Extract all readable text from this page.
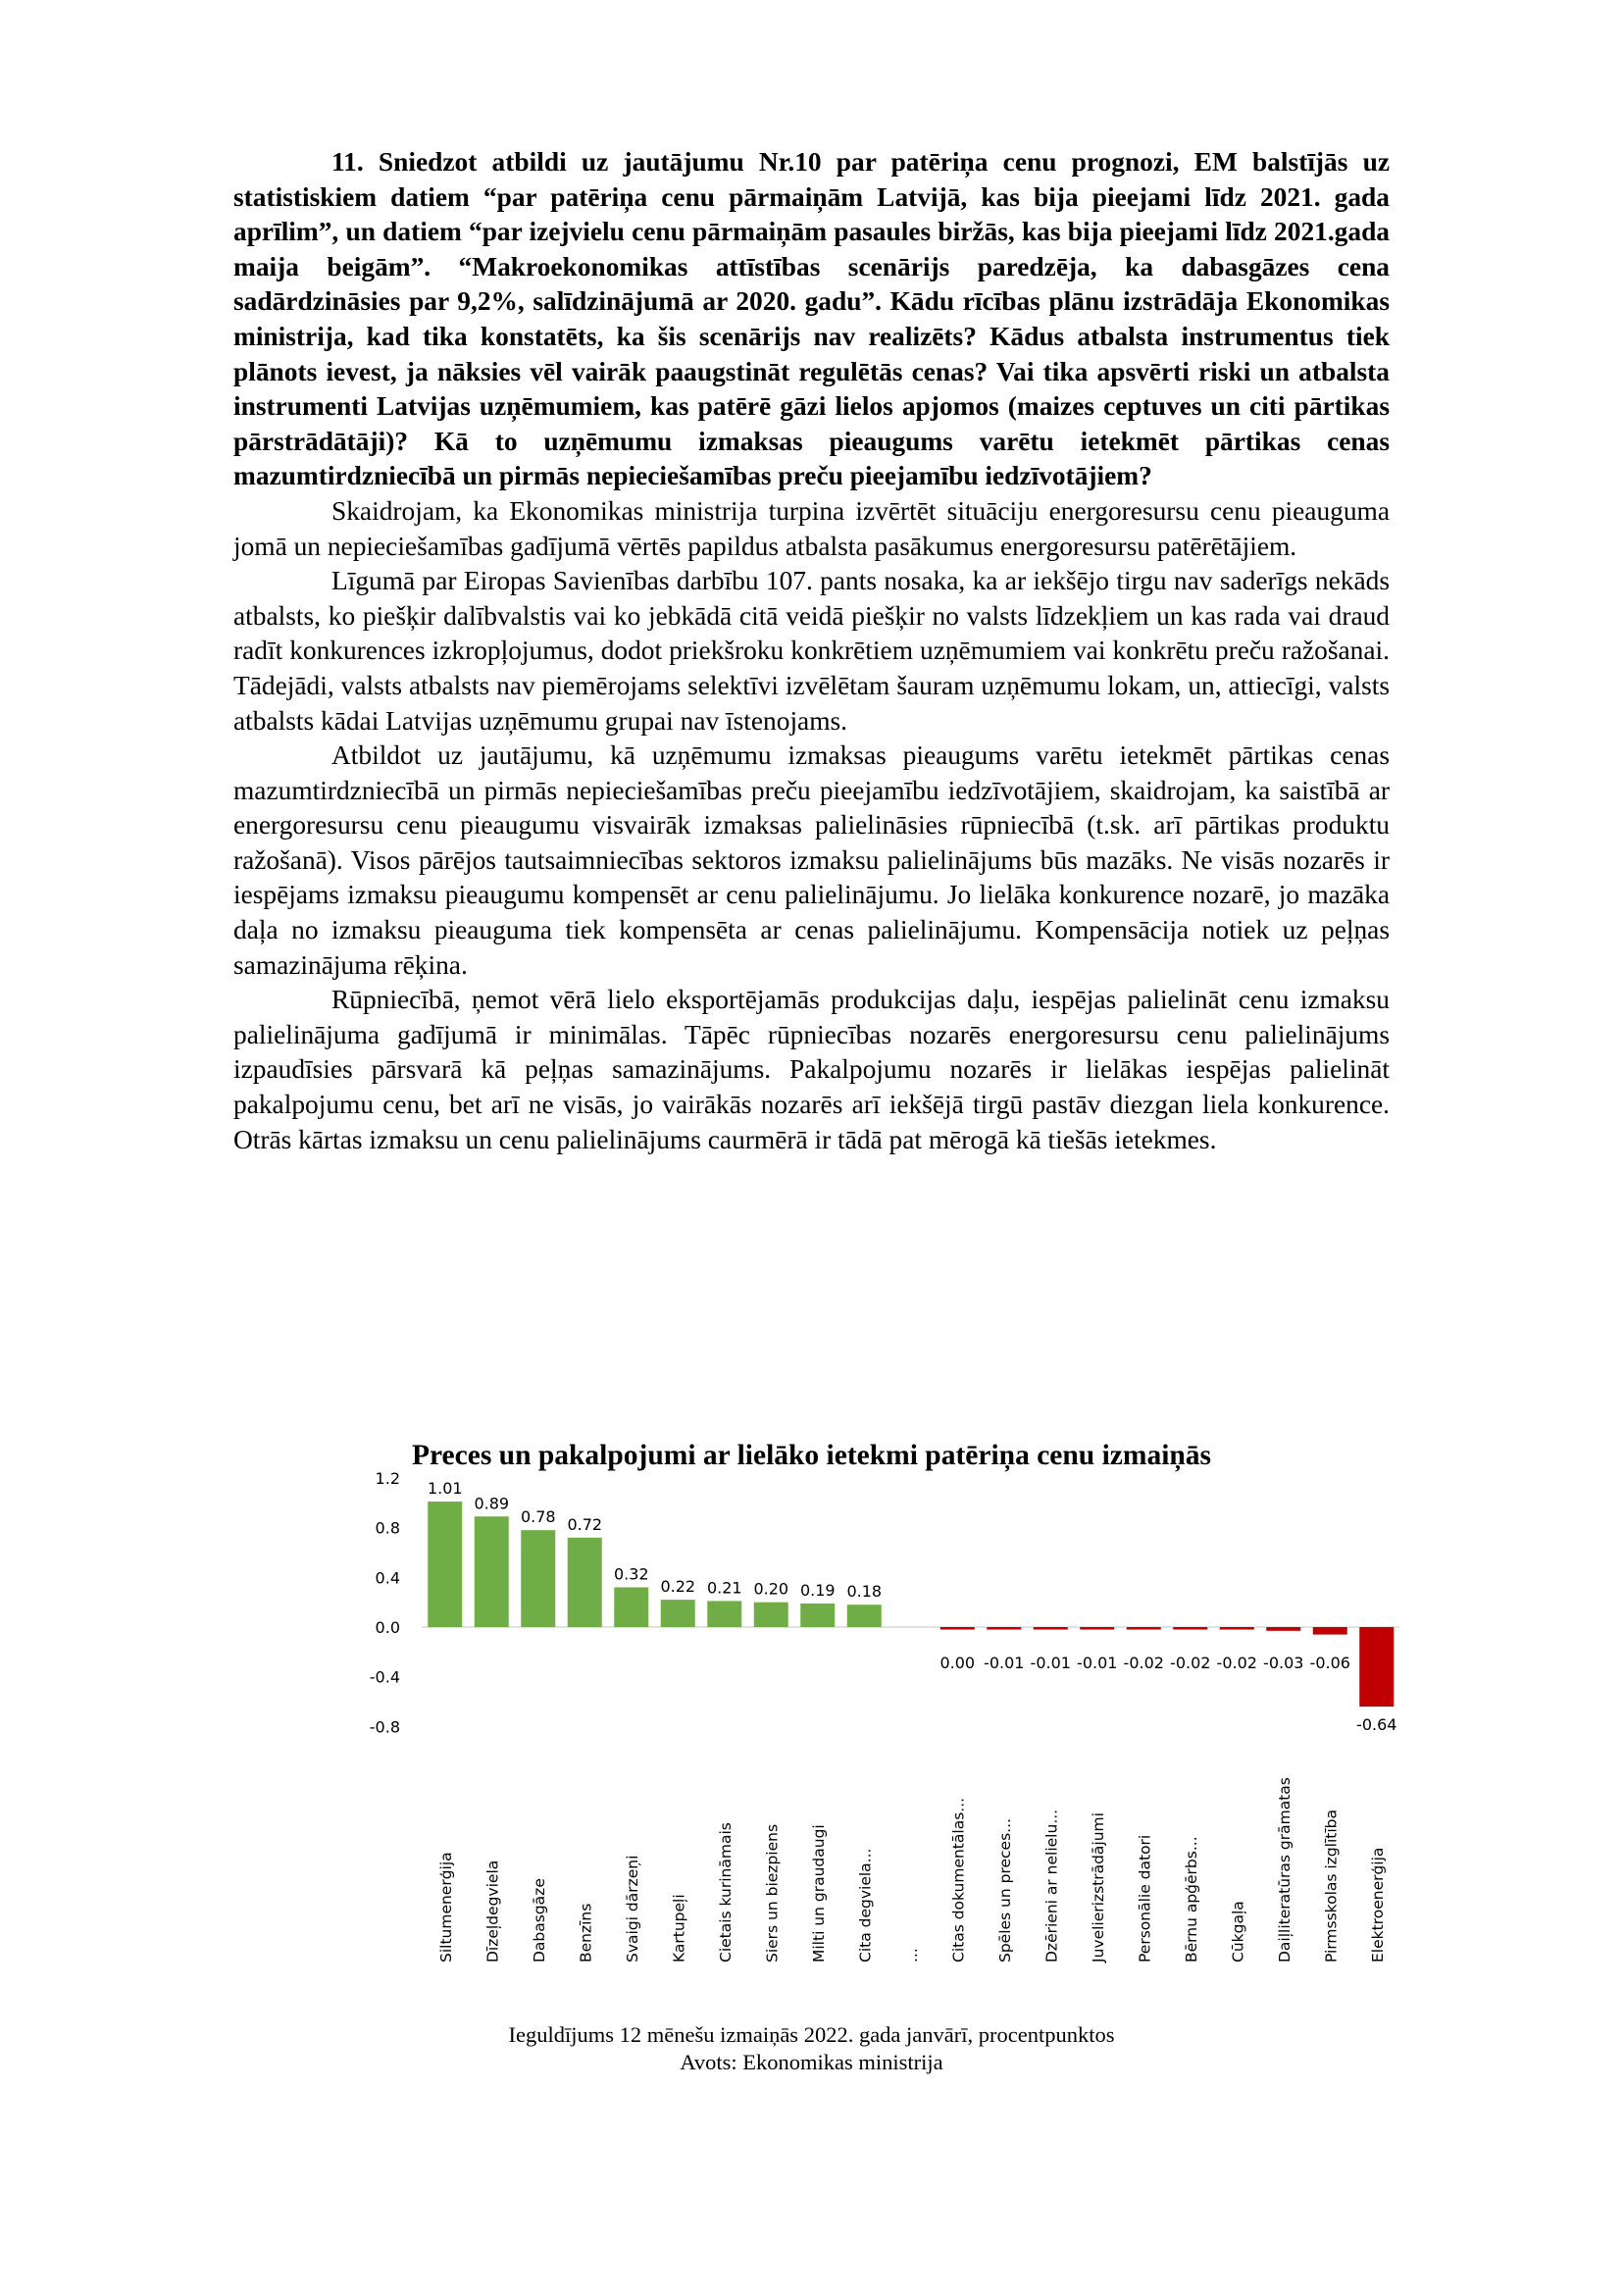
11. Sniedzot atbildi uz jautājumu Nr.10 par patēriņa cenu prognozi, EM balstījās uz statistiskiem datiem “par patēriņa cenu pārmaiņām Latvijā, kas bija pieejami līdz 2021. gada aprīlim”, un datiem “par izejvielu cenu pārmaiņām pasaules biržās, kas bija pieejami līdz 2021.gada maija beigām”. “Makroekonomikas attīstības scenārijs paredzēja, ka dabasgāzes cena sadārdzināsies par 9,2%, salīdzinājumā ar 2020. gadu”. Kādu rīcības plānu izstrādāja Ekonomikas ministrija, kad tika konstatēts, ka šis scenārijs nav realizēts? Kādus atbalsta instrumentus tiek plānots ievest, ja nāksies vēl vairāk paaugstināt regulētās cenas? Vai tika apsvērti riski un atbalsta instrumenti Latvijas uzņēmumiem, kas patērē gāzi lielos apjomos (maizes ceptuves un citi pārtikas pārstrādātāji)? Kā to uzņēmumu izmaksas pieaugums varētu ietekmēt pārtikas cenas mazumtirdzniecībā un pirmās nepieciešamības preču pieejamību iedzīvotājiem?

Skaidrojam, ka Ekonomikas ministrija turpina izvērtēt situāciju energoresursu cenu pieauguma jomā un nepieciešamības gadījumā vērtēs papildus atbalsta pasākumus energoresursu patērētājiem.

Līgumā par Eiropas Savienības darbību 107. pants nosaka, ka ar iekšējo tirgu nav saderīgs nekāds atbalsts, ko piešķir dalībvalstis vai ko jebkādā citā veidā piešķir no valsts līdzekļiem un kas rada vai draud radīt konkurences izkropļojumus, dodot priekšroku konkrētiem uzņēmumiem vai konkrētu preču ražošanai. Tādejādi, valsts atbalsts nav piemērojams selektīvi izvēlētam šauram uzņēmumu lokam, un, attiecīgi, valsts atbalsts kādai Latvijas uzņēmumu grupai nav īstenojams.

Atbildot uz jautājumu, kā uzņēmumu izmaksas pieaugums varētu ietekmēt pārtikas cenas mazumtirdzniecībā un pirmās nepieciešamības preču pieejamību iedzīvotājiem, skaidrojam, ka saistībā ar energoresursu cenu pieaugumu visvairāk izmaksas palielināsies rūpniecībā (t.sk. arī pārtikas produktu ražošanā). Visos pārējos tautsaimniecības sektoros izmaksu palielinājums būs mazāks. Ne visās nozarēs ir iespējams izmaksu pieaugumu kompensēt ar cenu palielinājumu. Jo lielāka konkurence nozarē, jo mazāka daļa no izmaksu pieauguma tiek kompensēta ar cenas palielinājumu. Kompensācija notiek uz peļņas samazinājuma rēķina.

Rūpniecībā, ņemot vērā lielo eksportējamās produkcijas daļu, iespējas palielināt cenu izmaksu palielinājuma gadījumā ir minimālas. Tāpēc rūpniecības nozarēs energoresursu cenu palielinājums izpaudīsies pārsvarā kā peļņas samazinājums. Pakalpojumu nozarēs ir lielākas iespējas palielināt pakalpojumu cenu, bet arī ne visās, jo vairākās nozarēs arī iekšējā tirgū pastāv diezgan liela konkurence. Otrās kārtas izmaksu un cenu palielinājums caurmērā ir tādā pat mērogā kā tiešās ietekmes.

Preces un pakalpojumi ar lielāko ietekmi patēriņa cenu izmaiņās
1.2
0.8
0.4
0.0
-0.4
-0.8
Siltumenerģija
1.01
Dīzeļdegviela
0.89
Dabasgāze
0.78
Benzīns
0.72
Svaigi dārzeņi
0.32
Kartupeļi
0.22
Cietais kurināmais
0.21
Siers un biezpiens
0.20
Milti un graudaugi
0.19
Cita degviela...
0.18
... Citas dokumentālas...
0.00
Spēles un preces...
-0.01
Dzērieni ar nelielu...
-0.01
Juvelierizstrādājumi
-0.01
Personālie datori
-0.02
Bērnu apģērbs...
-0.02
Cūkgaļa
-0.02
Daiļliteratūras grāmatas
-0.03
Pirmsskolas izglītība
-0.06
Elektroenerģija
-0.64
Ieguldījums 12 mēnešu izmaiņās 2022. gada janvārī, procentpunktos
Avots: Ekonomikas ministrija
